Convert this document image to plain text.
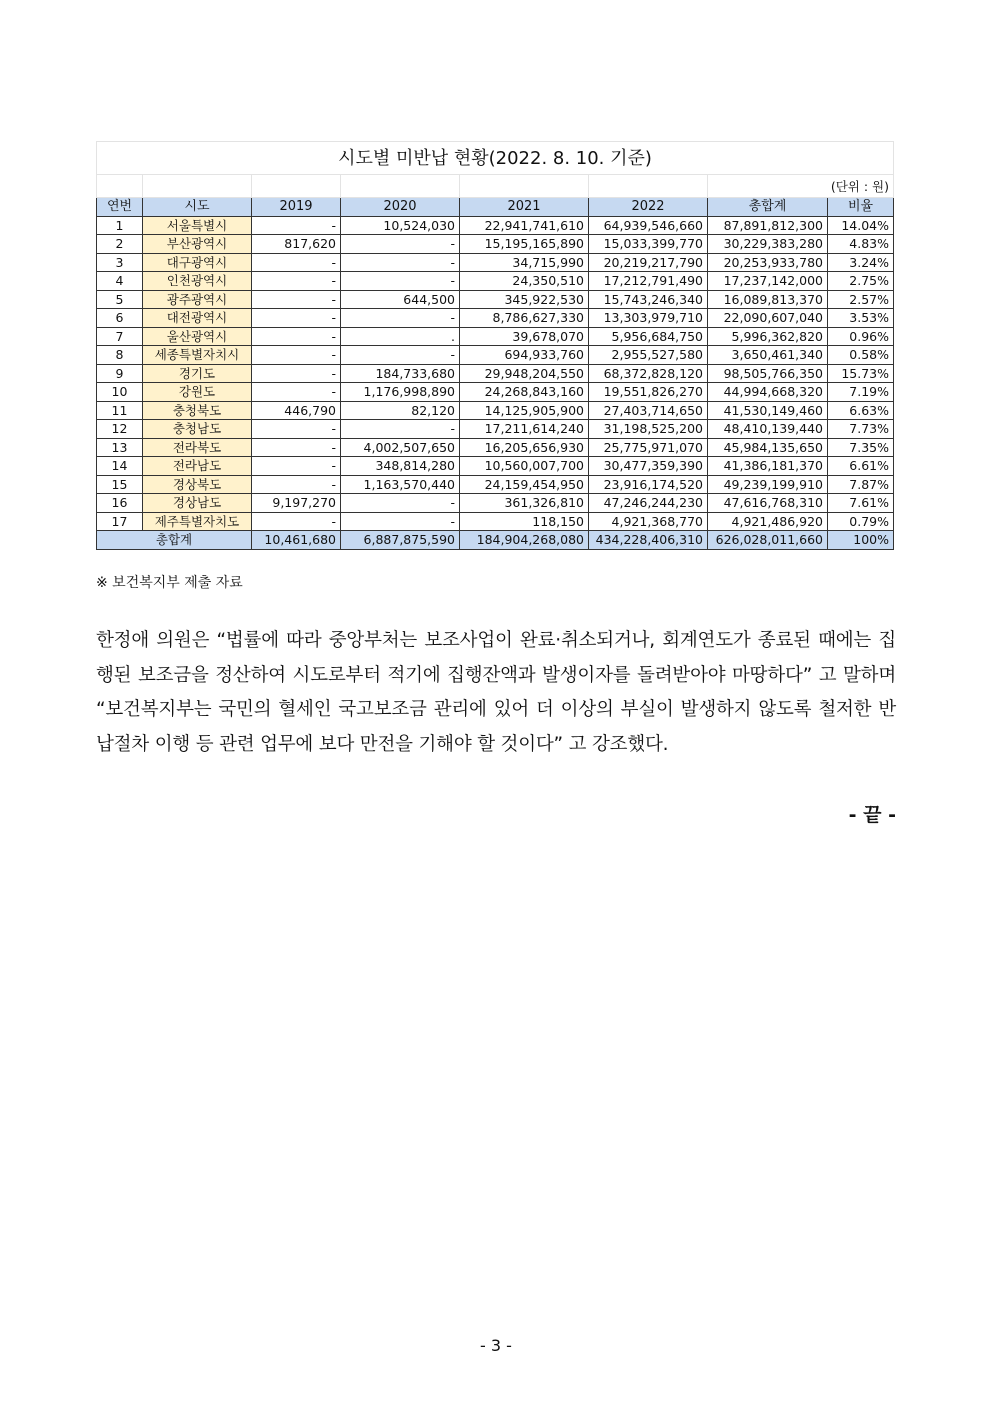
시도별 미반납 현황(2022. 8. 10. 기준)							
						(단위 : 원)	
연번	시도	2019	2020	2021	2022	총합계	비율
1	서울특별시	-	10,524,030	22,941,741,610	64,939,546,660	87,891,812,300	14.04%
2	부산광역시	817,620	-	15,195,165,890	15,033,399,770	30,229,383,280	4.83%
3	대구광역시	-	-	34,715,990	20,219,217,790	20,253,933,780	3.24%
4	인천광역시	-	-	24,350,510	17,212,791,490	17,237,142,000	2.75%
5	광주광역시	-	644,500	345,922,530	15,743,246,340	16,089,813,370	2.57%
6	대전광역시	-	-	8,786,627,330	13,303,979,710	22,090,607,040	3.53%
7	울산광역시	-	.	39,678,070	5,956,684,750	5,996,362,820	0.96%
8	세종특별자치시	-	-	694,933,760	2,955,527,580	3,650,461,340	0.58%
9	경기도	-	184,733,680	29,948,204,550	68,372,828,120	98,505,766,350	15.73%
10	강원도	-	1,176,998,890	24,268,843,160	19,551,826,270	44,994,668,320	7.19%
11	충청북도	446,790	82,120	14,125,905,900	27,403,714,650	41,530,149,460	6.63%
12	충청남도	-	-	17,211,614,240	31,198,525,200	48,410,139,440	7.73%
13	전라북도	-	4,002,507,650	16,205,656,930	25,775,971,070	45,984,135,650	7.35%
14	전라남도	-	348,814,280	10,560,007,700	30,477,359,390	41,386,181,370	6.61%
15	경상북도	-	1,163,570,440	24,159,454,950	23,916,174,520	49,239,199,910	7.87%
16	경상남도	9,197,270	-	361,326,810	47,246,244,230	47,616,768,310	7.61%
17	제주특별자치도	-	-	118,150	4,921,368,770	4,921,486,920	0.79%
총합계		10,461,680	6,887,875,590	184,904,268,080	434,228,406,310	626,028,011,660	100%
※ 보건복지부 제출 자료
한정애 의원은 “법률에 따라 중앙부처는 보조사업이 완료·취소되거나, 회계연도가 종료된 때에는 집행된 보조금을 정산하여 시도로부터 적기에 집행잔액과 발생이자를 돌려받아야 마땅하다” 고 말하며 “보건복지부는 국민의 혈세인 국고보조금 관리에 있어 더 이상의 부실이 발생하지 않도록 철저한 반납절차 이행 등 관련 업무에 보다 만전을 기해야 할 것이다” 고 강조했다.
- 끝 -
- 3 -
